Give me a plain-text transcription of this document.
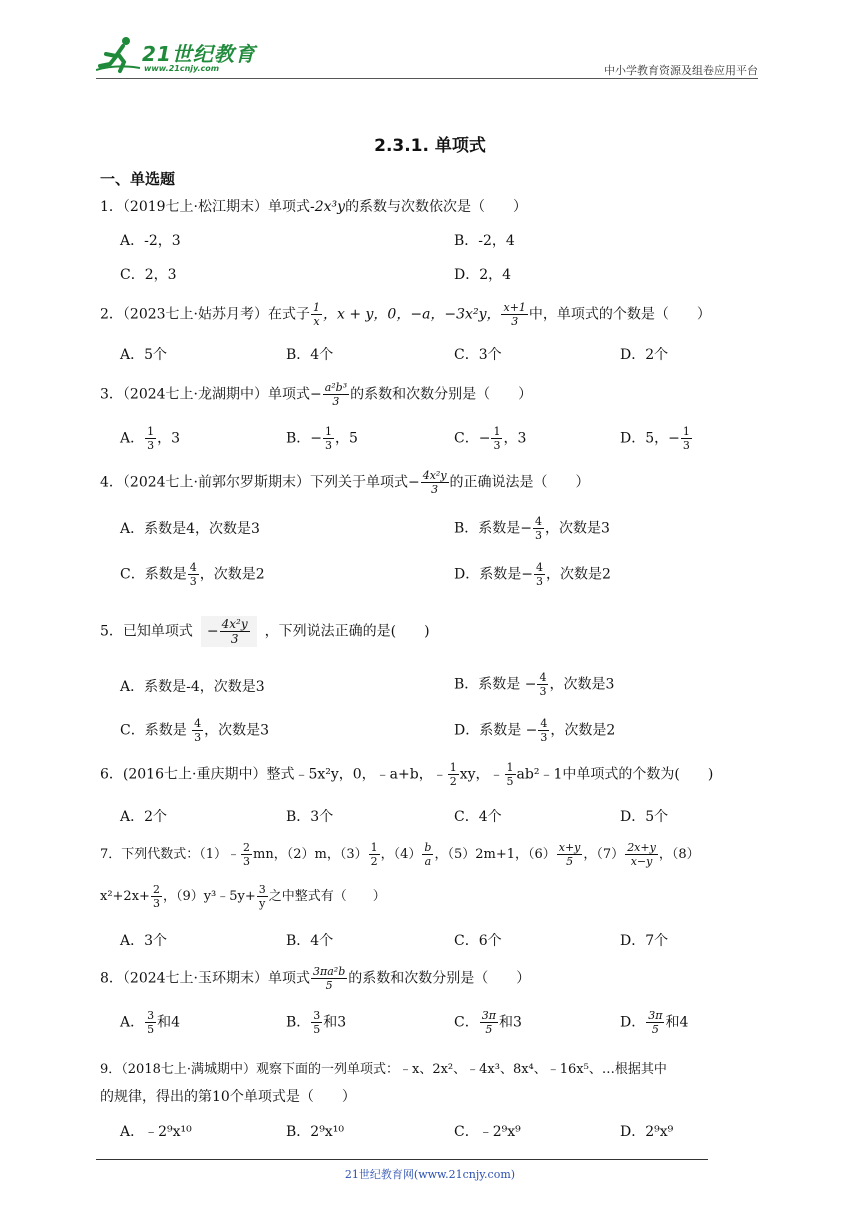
21世纪教育
www.21cnjy.com	中小学教育资源及组卷应用平台
2.3.1. 单项式
一、单选题
1．（2019七上·松江期末）单项式-2x³y的系数与次数依次是（　　）
A．-2，3	B．-2，4
C．2，3	D．2，4
2．（2023七上·姑苏月考）在式子 $\frac{1}{x}$ ，x + y，0，−a，−3x²y， $\frac{x+1}{3}$ 中，单项式的个数是（　　）
A．5个	B．4个	C．3个	D．2个
3．（2024七上·龙湖期中）单项式− $\frac{\text{a²b³}}{3}$ 的系数和次数分别是（　　）
A． $\frac{1}{3}$ ，3	B．− $\frac{1}{3}$ ，5	C．− $\frac{1}{3}$ ，3	D．5，− $\frac{1}{3}$
4．（2024七上·前郭尔罗斯期末）下列关于单项式− $\frac{\text{4x²y}}{3}$ 的正确说法是（　　）
A．系数是4，次数是3	B．系数是− $\frac{4}{3}$ ，次数是3
C．系数是 $\frac{4}{3}$ ，次数是2	D．系数是− $\frac{4}{3}$ ，次数是2
5．已知单项式 − $\frac{\text{4x²y}}{3}$ ，下列说法正确的是(　　)
A．系数是-4，次数是3	B．系数是 − $\frac{4}{3}$ ，次数是3
C．系数是 $\frac{4}{3}$ ，次数是3	D．系数是 − $\frac{4}{3}$ ，次数是2
6．(2016七上·重庆期中）整式﹣5x²y，0，﹣a+b，﹣ $\frac{1}{2}$ xy，﹣ $\frac{1}{5}$ ab²﹣1中单项式的个数为(　　)
A．2个	B．3个	C．4个	D．5个
7．下列代数式：（1）﹣ $\frac{2}{3}$ mn，（2）m，$(3) \frac{1}{2}$ ，$(4) \frac{b}{a}$ ，（5）2m+1，$(6) \frac{x+y}{5}$ ，$(7) \frac{2x+y}{x-y}$ ，（8）
$x^2+2x+ \frac{2}{3}$ ，（9）y³﹣5y+ $\frac{3}{y}$ 之中整式有（　　）
A．3个	B．4个	C．6个	D．7个
8．（2024七上·玉环期末）单项式 $\frac{\text{3πa²b}}{5}$ 的系数和次数分别是（　　）
A． $\frac{3}{5}$ 和4	B． $\frac{3}{5}$ 和3	C． $\frac{3\pi}{5}$ 和3	D． $\frac{3\pi}{5}$ 和4
9．（2018七上·满城期中）观察下面的一列单项式：﹣x、2x²、﹣4x³、8x⁴、﹣16x⁵、…根据其中
的规律，得出的第10个单项式是（　　）
A．﹣2⁹x¹⁰	B．2⁹x¹⁰	C．﹣2⁹x⁹	D．2⁹x⁹
21世纪教育网(www.21cnjy.com)
